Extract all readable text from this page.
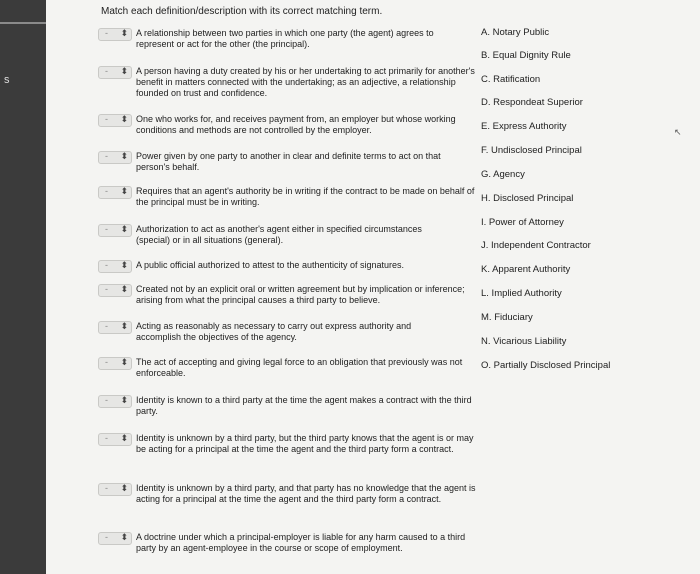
s
Match each definition/description with its correct matching term.
- ⬍ A relationship between two parties in which one party (the agent) agrees to represent or act for the other (the principal).
- ⬍ A person having a duty created by his or her undertaking to act primarily for another's benefit in matters connected with the undertaking; as an adjective, a relationship founded on trust and confidence.
- ⬍ One who works for, and receives payment from, an employer but whose working conditions and methods are not controlled by the employer.
- ⬍ Power given by one party to another in clear and definite terms to act on that person's behalf.
- ⬍ Requires that an agent's authority be in writing if the contract to be made on behalf of the principal must be in writing.
- ⬍ Authorization to act as another's agent either in specified circumstances (special) or in all situations (general).
- ⬍ A public official authorized to attest to the authenticity of signatures.
- ⬍ Created not by an explicit oral or written agreement but by implication or inference; arising from what the principal causes a third party to believe.
- ⬍ Acting as reasonably as necessary to carry out express authority and accomplish the objectives of the agency.
- ⬍ The act of accepting and giving legal force to an obligation that previously was not enforceable.
- ⬍ Identity is known to a third party at the time the agent makes a contract with the third party.
- ⬍ Identity is unknown by a third party, but the third party knows that the agent is or may be acting for a principal at the time the agent and the third party form a contract.
- ⬍ Identity is unknown by a third party, and that party has no knowledge that the agent is acting for a principal at the time the agent and the third party form a contract.
- ⬍ A doctrine under which a principal-employer is liable for any harm caused to a third party by an agent-employee in the course or scope of employment.
A. Notary Public
B. Equal Dignity Rule
C. Ratification
D. Respondeat Superior
E. Express Authority
F. Undisclosed Principal
G. Agency
H. Disclosed Principal
I. Power of Attorney
J. Independent Contractor
K. Apparent Authority
L. Implied Authority
M. Fiduciary
N. Vicarious Liability
O. Partially Disclosed Principal
↖
